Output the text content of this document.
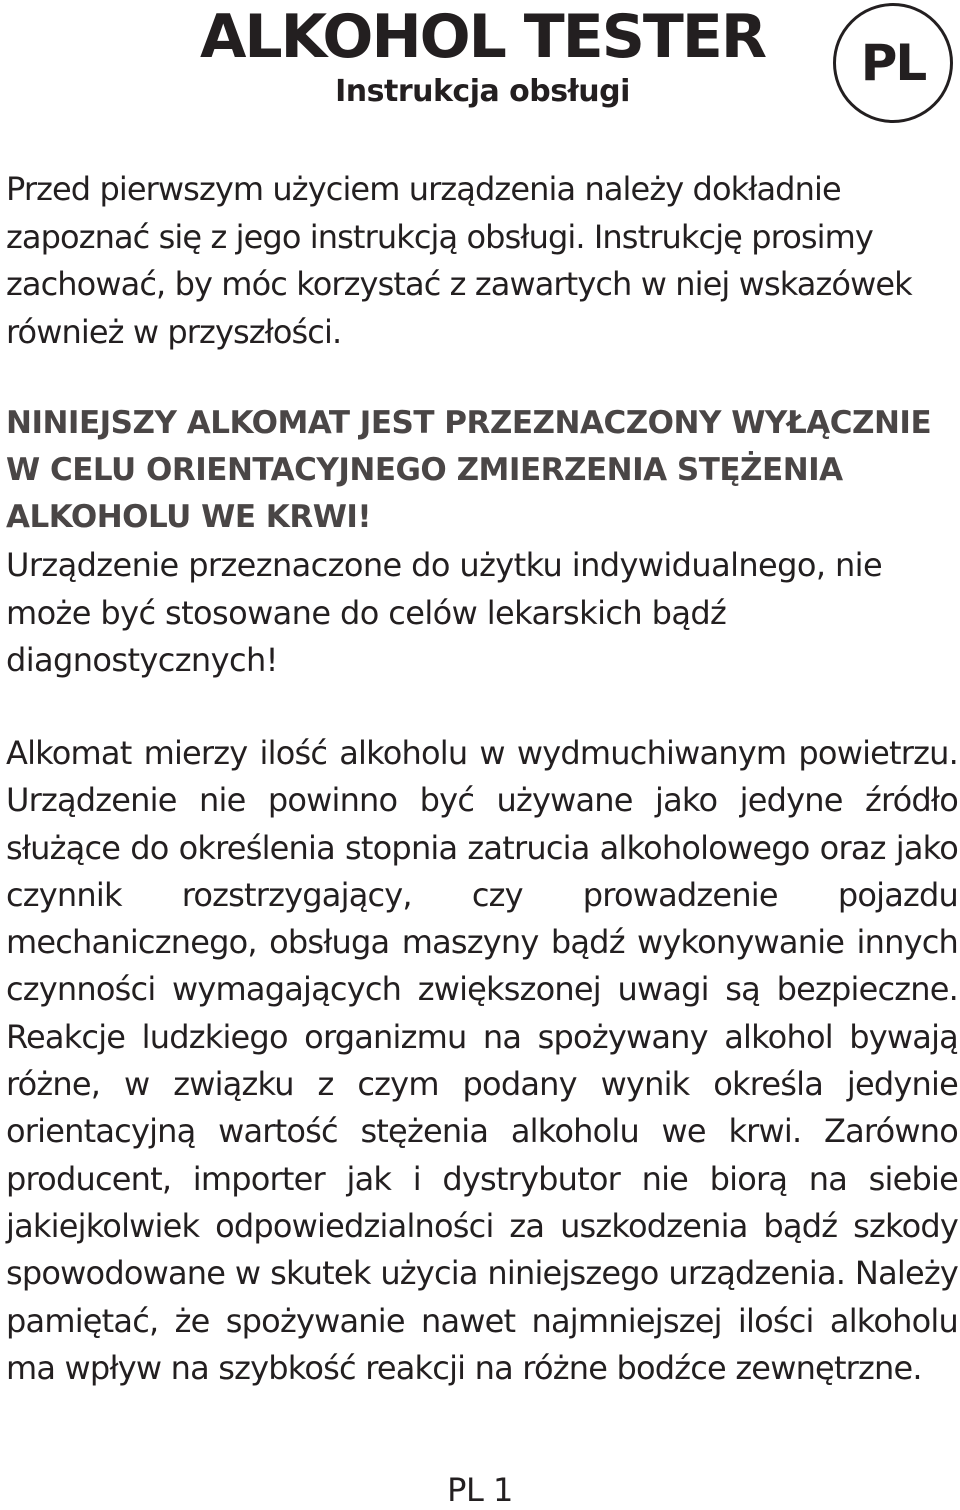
ALKOHOL TESTER
Instrukcja obsługi	PL

Przed pierwszym użyciem urządzenia należy dokładnie zapoznać się z jego instrukcją obsługi. Instrukcję prosimy zachować, by móc korzystać z zawartych w niej wskazówek również w przyszłości.

NINIEJSZY ALKOMAT JEST PRZEZNACZONY WYŁĄCZNIE W CELU ORIENTACYJNEGO ZMIERZENIA STĘŻENIA ALKOHOLU WE KRWI!

Urządzenie przeznaczone do użytku indywidualnego, nie może być stosowane do celów lekarskich bądź diagnostycznych!

Alkomat mierzy ilość alkoholu w wydmuchiwanym powietrzu. Urządzenie nie powinno być używane jako jedyne źródło służące do określenia stopnia zatrucia alkoholowego oraz jako czynnik rozstrzygający, czy prowadzenie pojazdu mechanicznego, obsługa maszyny bądź wykonywanie innych czynności wymagających zwiększonej uwagi są bezpieczne. Reakcje ludzkiego organizmu na spożywany alkohol bywają różne, w związku z czym podany wynik określa jedynie orientacyjną wartość stężenia alkoholu we krwi. Zarówno producent, importer jak i dystrybutor nie biorą na siebie jakiejkolwiek odpowiedzialności za uszkodzenia bądź szkody spowodowane w skutek użycia niniejszego urządzenia. Należy pamiętać, że spożywanie nawet najmniejszej ilości alkoholu ma wpływ na szybkość reakcji na różne bodźce zewnętrzne.

PL 1
